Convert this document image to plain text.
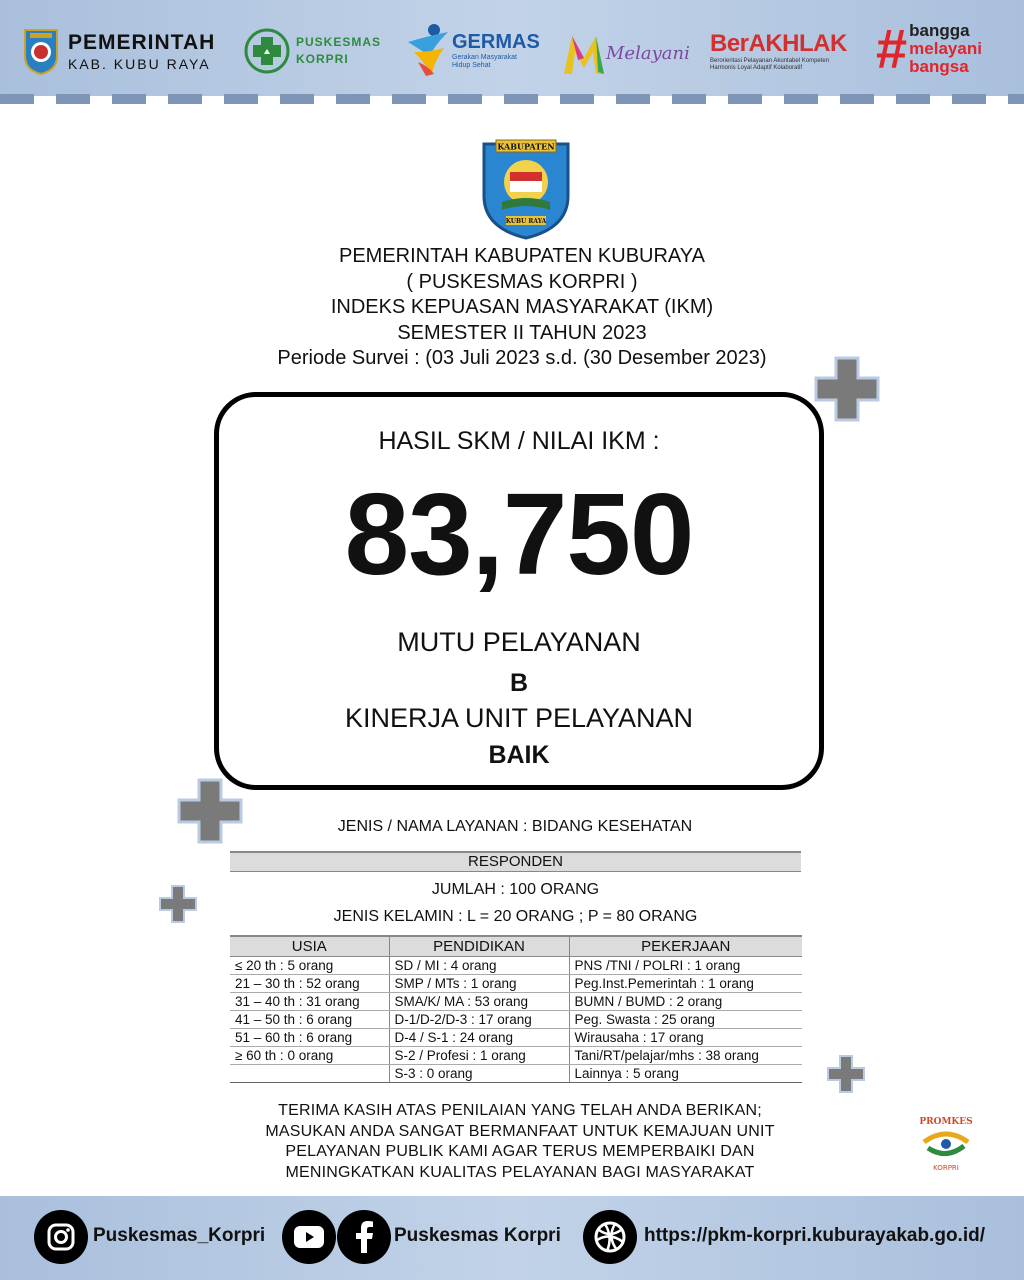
PEMERINTAH
KAB. KUBU RAYA
PUSKESMAS
KORPRI
GERMAS
Gerakan Masyarakat
Hidup Sehat
Melayani BerAKHLAK
Berorientasi Pelayanan Akuntabel Kompeten
Harmonis Loyal Adaptif Kolaboratif	# bangga
melayani
bangsa
KABUPATEN
KUBU RAYA
PEMERINTAH KABUPATEN KUBURAYA
( PUSKESMAS KORPRI )
INDEKS KEPUASAN MASYARAKAT (IKM)
SEMESTER II TAHUN 2023
Periode Survei : (03 Juli 2023 s.d. (30 Desember 2023)
HASIL SKM / NILAI IKM :
83,750
MUTU PELAYANAN
B
KINERJA UNIT PELAYANAN
BAIK
JENIS / NAMA LAYANAN : BIDANG KESEHATAN
RESPONDEN
JUMLAH : 100 ORANG
JENIS KELAMIN : L = 20 ORANG ; P = 80 ORANG
USIA	PENDIDIKAN	PEKERJAAN
≤ 20 th : 5 orang	SD / MI : 4 orang	PNS /TNI / POLRI : 1 orang
21 – 30 th : 52 orang	SMP / MTs : 1 orang	Peg.Inst.Pemerintah : 1 orang
31 – 40 th : 31 orang	SMA/K/ MA : 53 orang	BUMN / BUMD : 2 orang
41 – 50 th : 6 orang	D-1/D-2/D-3 : 17 orang	Peg. Swasta : 25 orang
51 – 60 th : 6 orang	D-4 / S-1 : 24 orang	Wirausaha : 17 orang
≥ 60 th : 0 orang	S-2 / Profesi : 1 orang	Tani/RT/pelajar/mhs : 38 orang
	S-3 : 0 orang	Lainnya : 5 orang
TERIMA KASIH ATAS PENILAIAN YANG TELAH ANDA BERIKAN;
MASUKAN ANDA SANGAT BERMANFAAT UNTUK KEMAJUAN UNIT
PELAYANAN PUBLIK KAMI AGAR TERUS MEMPERBAIKI DAN
MENINGKATKAN KUALITAS PELAYANAN BAGI MASYARAKAT
PROMKES
KORPRI
Puskesmas_Korpri	Puskesmas Korpri	https://pkm-korpri.kuburayakab.go.id/
